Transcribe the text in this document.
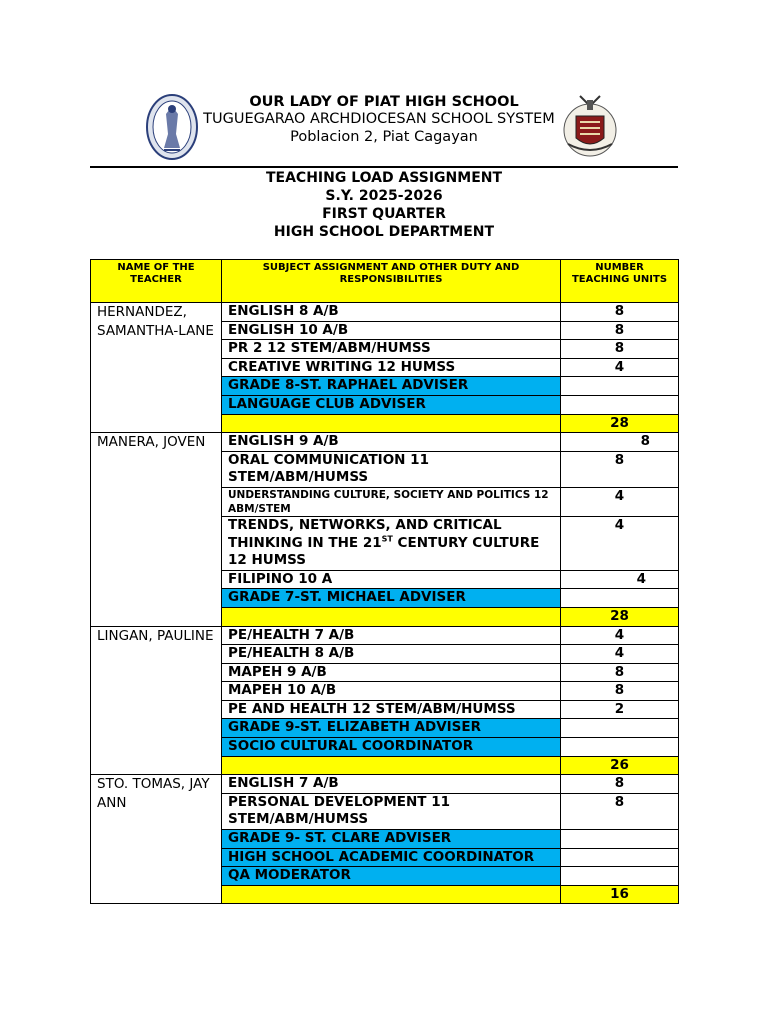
OUR LADY OF PIAT HIGH SCHOOL
TUGUEGARAO ARCHDIOCESAN SCHOOL SYSTEM
Poblacion 2, Piat Cagayan
TEACHING LOAD ASSIGNMENT
S.Y. 2025-2026
FIRST QUARTER
HIGH SCHOOL DEPARTMENT
NAME OF THE TEACHER	SUBJECT ASSIGNMENT AND OTHER DUTY AND RESPONSIBILITIES	NUMBER TEACHING UNITS
HERNANDEZ, SAMANTHA-LANE	ENGLISH 8 A/B	8
	ENGLISH 10 A/B	8
	PR 2 12 STEM/ABM/HUMSS	8
	CREATIVE WRITING 12 HUMSS	4
	GRADE 8-ST. RAPHAEL ADVISER	
	LANGUAGE CLUB ADVISER	
		28
MANERA, JOVEN	ENGLISH 9 A/B	8
	ORAL COMMUNICATION 11 STEM/ABM/HUMSS	8
	UNDERSTANDING CULTURE, SOCIETY AND POLITICS 12 ABM/STEM	4
	TRENDS, NETWORKS, AND CRITICAL THINKING IN THE 21ST CENTURY CULTURE 12 HUMSS	4
	FILIPINO 10 A	4
	GRADE 7-ST. MICHAEL ADVISER	
		28
LINGAN, PAULINE	PE/HEALTH 7 A/B	4
	PE/HEALTH 8 A/B	4
	MAPEH 9 A/B	8
	MAPEH 10 A/B	8
	PE AND HEALTH 12 STEM/ABM/HUMSS	2
	GRADE 9-ST. ELIZABETH ADVISER	
	SOCIO CULTURAL COORDINATOR	
		26
STO. TOMAS, JAY ANN	ENGLISH 7 A/B	8
	PERSONAL DEVELOPMENT 11 STEM/ABM/HUMSS	8
	GRADE 9- ST. CLARE ADVISER	
	HIGH SCHOOL ACADEMIC COORDINATOR	
	QA MODERATOR	
		16
